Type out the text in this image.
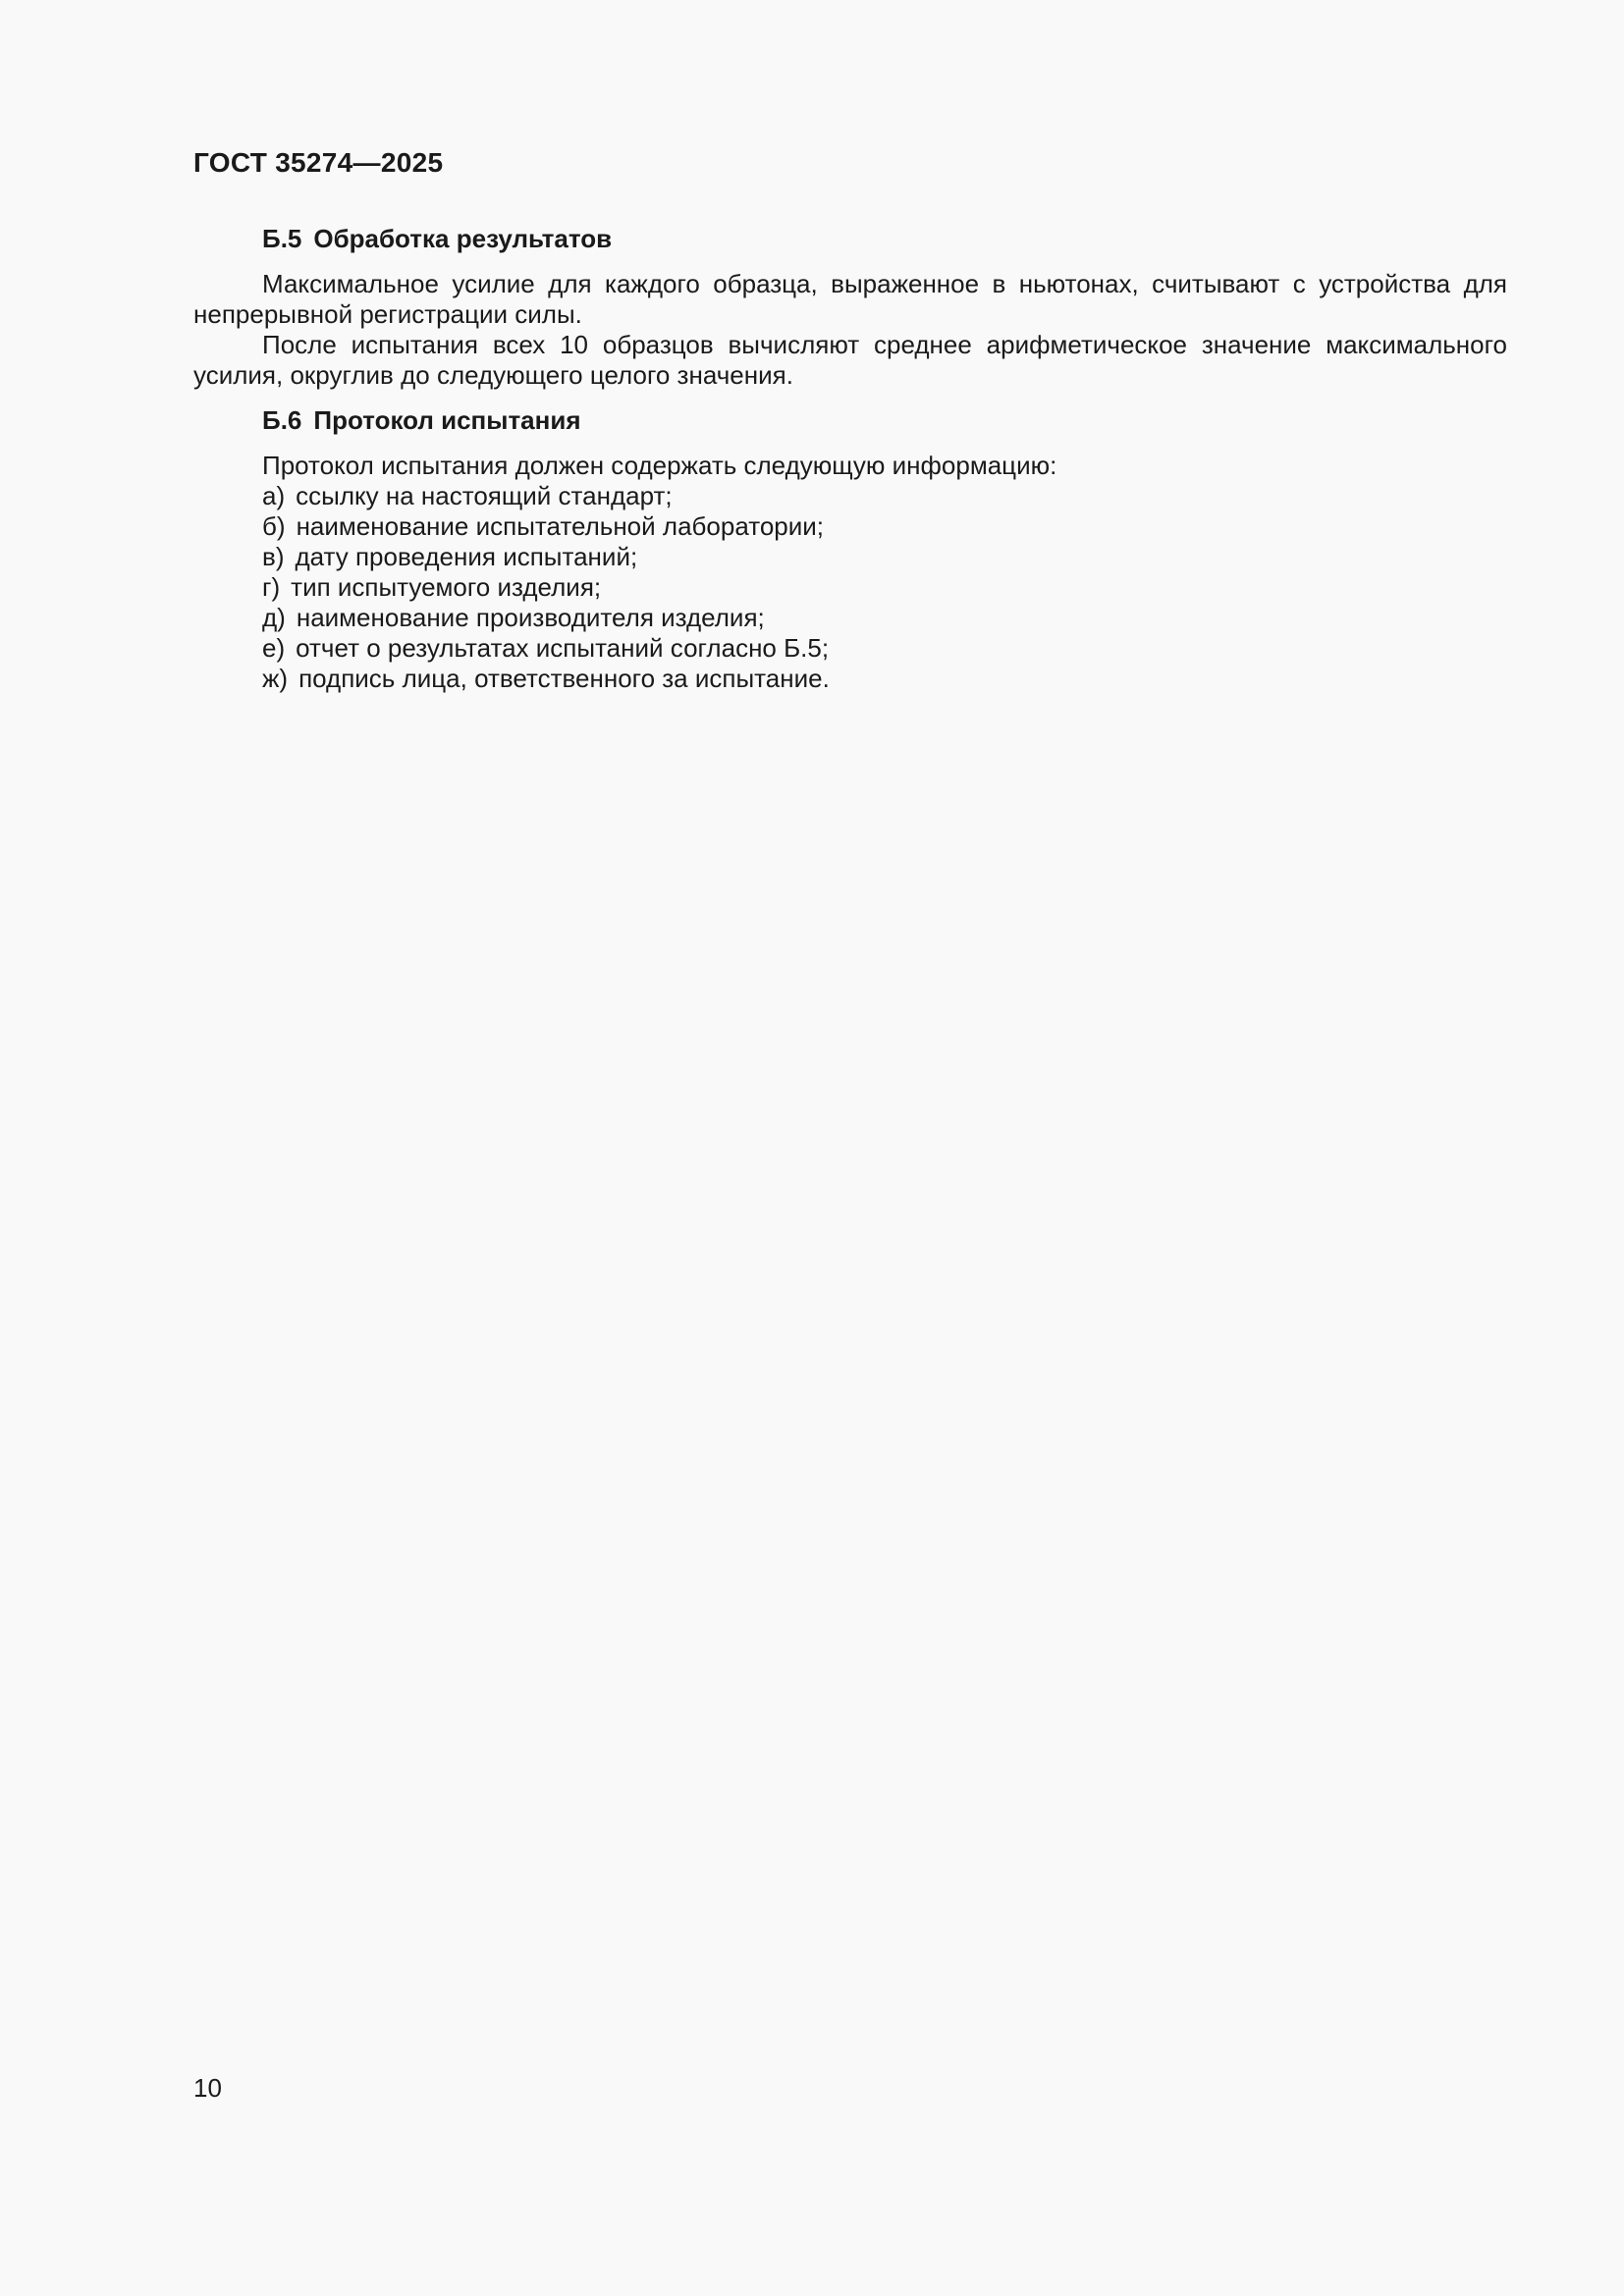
ГОСТ 35274—2025

Б.5 Обработка результатов

Максимальное усилие для каждого образца, выраженное в ньютонах, считывают с устройства для непрерывной регистрации силы.

После испытания всех 10 образцов вычисляют среднее арифметическое значение максимального усилия, округлив до следующего целого значения.

Б.6 Протокол испытания

Протокол испытания должен содержать следующую информацию:

а) ссылку на настоящий стандарт;
б) наименование испытательной лаборатории;
в) дату проведения испытаний;
г) тип испытуемого изделия;
д) наименование производителя изделия;
е) отчет о результатах испытаний согласно Б.5;
ж) подпись лица, ответственного за испытание.
10
